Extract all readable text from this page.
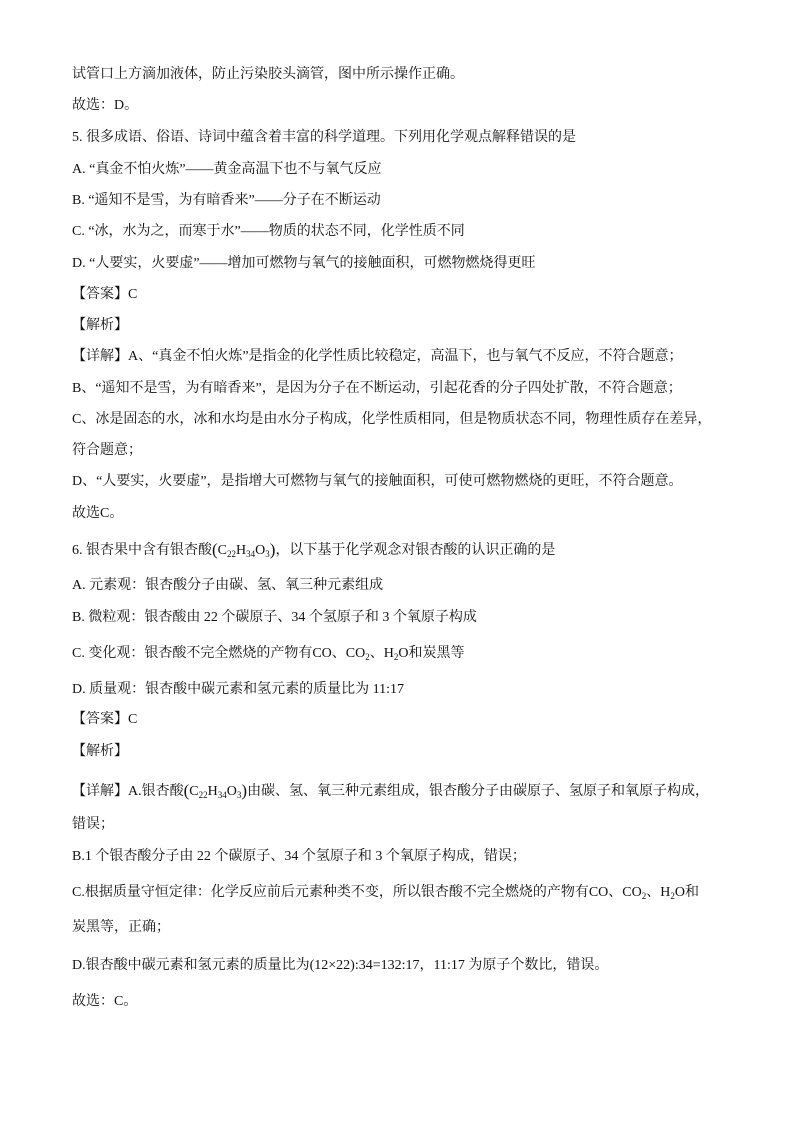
试管口上方滴加液体，防止污染胶头滴管，图中所示操作正确。
故选：D。
5. 很多成语、俗语、诗词中蕴含着丰富的科学道理。下列用化学观点解释错误的是
A. “真金不怕火炼”——黄金高温下也不与氧气反应
B. “遥知不是雪，为有暗香来”——分子在不断运动
C. “冰，水为之，而寒于水”——物质的状态不同，化学性质不同
D. “人要实，火要虚”——增加可燃物与氧气的接触面积，可燃物燃烧得更旺
【答案】C
【解析】
【详解】A、“真金不怕火炼”是指金的化学性质比较稳定，高温下，也与氧气不反应，不符合题意；
B、“遥知不是雪，为有暗香来”，是因为分子在不断运动，引起花香的分子四处扩散，不符合题意；
C、冰是固态的水，冰和水均是由水分子构成，化学性质相同，但是物质状态不同，物理性质存在差异，
符合题意；
D、“人要实，火要虚”，是指增大可燃物与氧气的接触面积，可使可燃物燃烧的更旺，不符合题意。
故选C。
6. 银杏果中含有银杏酸$(C_{22}H_{34}O_3)$，以下基于化学观念对银杏酸的认识正确的是
A. 元素观：银杏酸分子由碳、氢、氧三种元素组成
B. 微粒观：银杏酸由 22 个碳原子、34 个氢原子和 3 个氧原子构成
C. 变化观：银杏酸不完全燃烧的产物有CO、$CO_2$、$H_2O$和炭黑等
D. 质量观：银杏酸中碳元素和氢元素的质量比为 11:17
【答案】C
【解析】
【详解】A.银杏酸$(C_{22}H_{34}O_3)$由碳、氢、氧三种元素组成，银杏酸分子由碳原子、氢原子和氧原子构成，
错误；
B.1 个银杏酸分子由 22 个碳原子、34 个氢原子和 3 个氧原子构成，错误；
C.根据质量守恒定律：化学反应前后元素种类不变，所以银杏酸不完全燃烧的产物有CO、$CO_2$、$H_2O$和
炭黑等，正确；
D.银杏酸中碳元素和氢元素的质量比为(12×22):34=132:17，11:17 为原子个数比，错误。
故选：C。
